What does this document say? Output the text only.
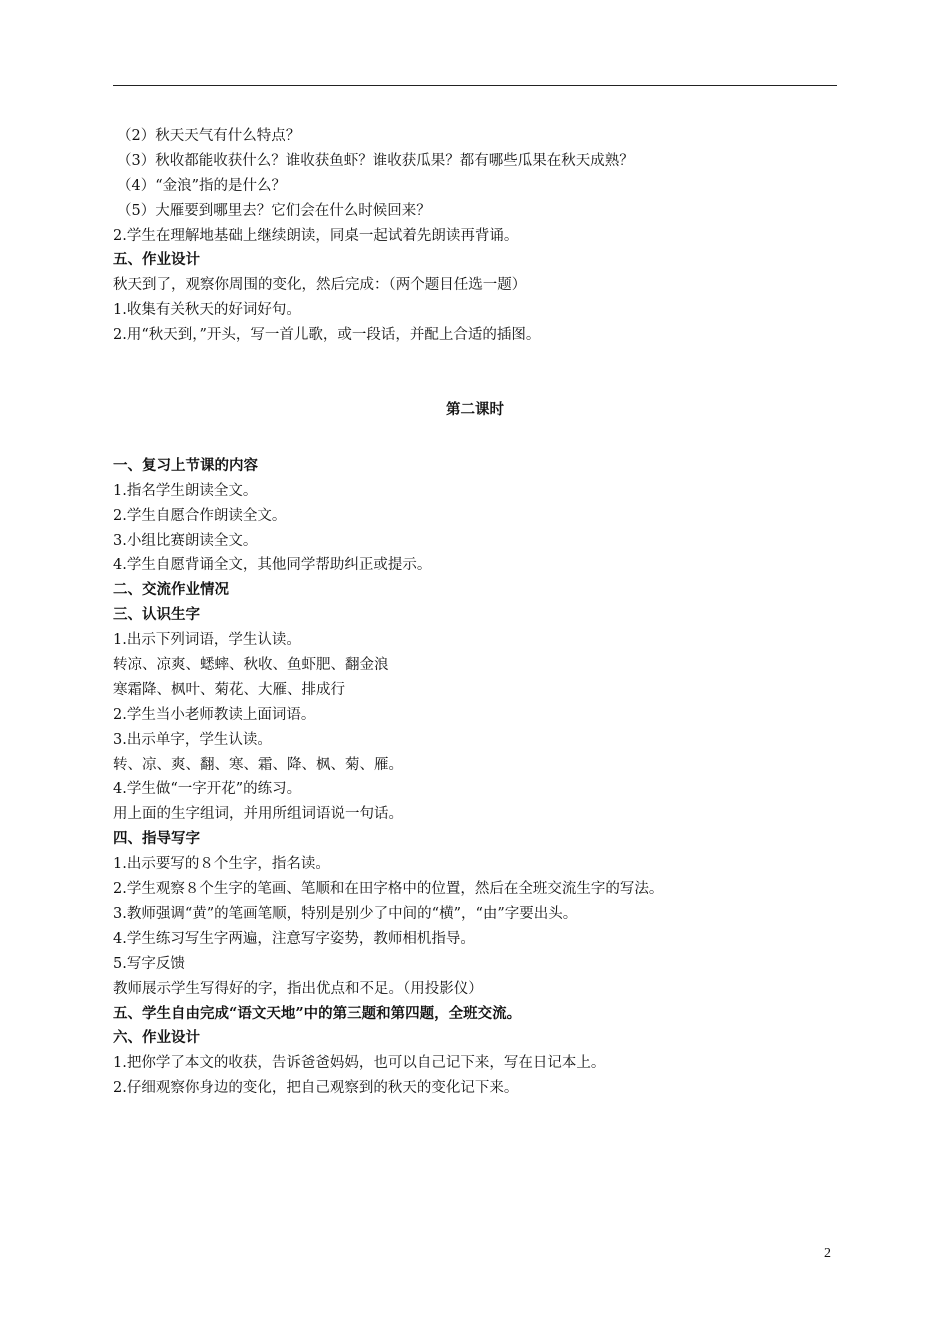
（2）秋天天气有什么特点？
（3）秋收都能收获什么？谁收获鱼虾？谁收获瓜果？都有哪些瓜果在秋天成熟？
（4）“金浪”指的是什么？
（5）大雁要到哪里去？它们会在什么时候回来？
2.学生在理解地基础上继续朗读，同桌一起试着先朗读再背诵。
五、作业设计
秋天到了，观察你周围的变化，然后完成：（两个题目任选一题）
1.收集有关秋天的好词好句。
2.用“秋天到，”开头，写一首儿歌，或一段话，并配上合适的插图。
第二课时
一、复习上节课的内容
1.指名学生朗读全文。
2.学生自愿合作朗读全文。
3.小组比赛朗读全文。
4.学生自愿背诵全文，其他同学帮助纠正或提示。
二、交流作业情况
三、认识生字
1.出示下列词语，学生认读。
转凉、凉爽、蟋蟀、秋收、鱼虾肥、翻金浪
寒霜降、枫叶、菊花、大雁、排成行
2.学生当小老师教读上面词语。
3.出示单字，学生认读。
转、凉、爽、翻、寒、霜、降、枫、菊、雁。
4.学生做“一字开花”的练习。
用上面的生字组词，并用所组词语说一句话。
四、指导写字
1.出示要写的８个生字，指名读。
2.学生观察８个生字的笔画、笔顺和在田字格中的位置，然后在全班交流生字的写法。
3.教师强调“黄”的笔画笔顺，特别是别少了中间的“横”，“由”字要出头。
4.学生练习写生字两遍，注意写字姿势，教师相机指导。
5.写字反馈
教师展示学生写得好的字，指出优点和不足。（用投影仪）
五、学生自由完成“语文天地”中的第三题和第四题，全班交流。
六、作业设计
1.把你学了本文的收获，告诉爸爸妈妈，也可以自己记下来，写在日记本上。
2.仔细观察你身边的变化，把自己观察到的秋天的变化记下来。
2
